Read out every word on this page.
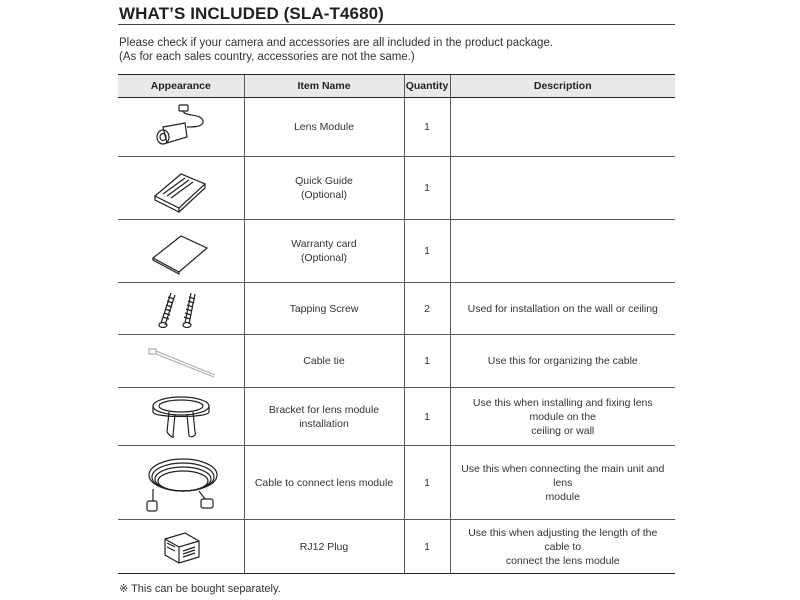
WHAT’S INCLUDED (SLA-T4680)
Please check if your camera and accessories are all included in the product package.
(As for each sales country, accessories are not the same.)
Appearance	Item Name	Quantity	Description

	Lens Module	1	

	Quick Guide
(Optional)	1	

	Warranty card
(Optional)	1	

	Tapping Screw	2	Used for installation on the wall or ceiling

	Cable tie	1	Use this for organizing the cable

	Bracket for lens module installation	1	Use this when installing and fixing lens module on the
ceiling or wall

	Cable to connect lens module	1	Use this when connecting the main unit and lens
module

	RJ12 Plug	1	Use this when adjusting the length of the cable to
connect the lens module
※ This can be bought separately.
